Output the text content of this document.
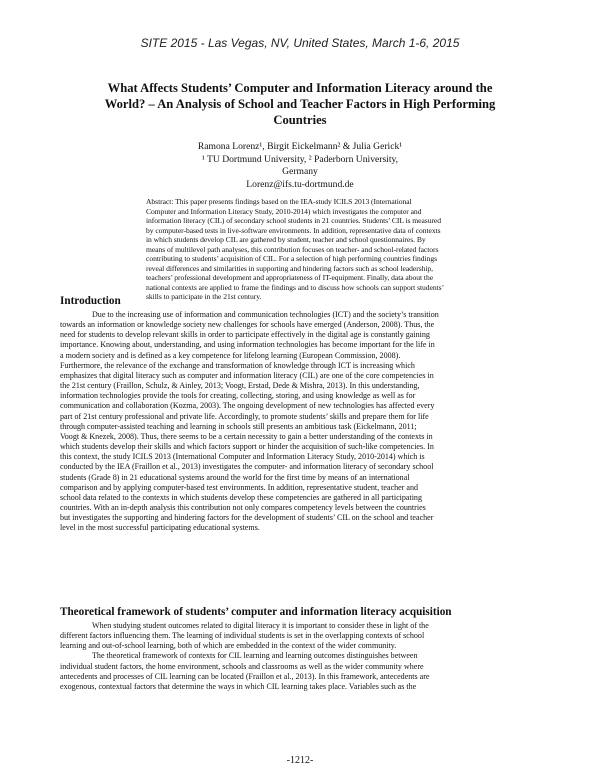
SITE 2015 - Las Vegas, NV, United States, March 1-6, 2015
What Affects Students’ Computer and Information Literacy around the
World? – An Analysis of School and Teacher Factors in High Performing
Countries
Ramona Lorenz¹, Birgit Eickelmann² & Julia Gerick¹
¹ TU Dortmund University, ² Paderborn University,
Germany
Lorenz@ifs.tu-dortmund.de
Abstract: This paper presents findings based on the IEA-study ICILS 2013 (International
Computer and Information Literacy Study, 2010-2014) which investigates the computer and
information literacy (CIL) of secondary school students in 21 countries. Students’ CIL is measured
by computer-based tests in live-software environments. In addition, representative data of contexts
in which students develop CIL are gathered by student, teacher and school questionnaires. By
means of multilevel path analyses, this contribution focuses on teacher- and school-related factors
contributing to students’ acquisition of CIL. For a selection of high performing countries findings
reveal differences and similarities in supporting and hindering factors such as school leadership,
teachers’ professional development and appropriateness of IT-equipment. Finally, data about the
national contexts are applied to frame the findings and to discuss how schools can support students’
skills to participate in the 21st century.
Introduction
Due to the increasing use of information and communication technologies (ICT) and the society’s transition
towards an information or knowledge society new challenges for schools have emerged (Anderson, 2008). Thus, the
need for students to develop relevant skills in order to participate effectively in the digital age is constantly gaining
importance. Knowing about, understanding, and using information technologies has become important for the life in
a modern society and is defined as a key competence for lifelong learning (European Commission, 2008).
Furthermore, the relevance of the exchange and transformation of knowledge through ICT is increasing which
emphasizes that digital literacy such as computer and information literacy (CIL) are one of the core competencies in
the 21st century (Fraillon, Schulz, & Ainley, 2013; Voogt, Erstad, Dede & Mishra, 2013). In this understanding,
information technologies provide the tools for creating, collecting, storing, and using knowledge as well as for
communication and collaboration (Kozma, 2003). The ongoing development of new technologies has affected every
part of 21st century professional and private life. Accordingly, to promote students’ skills and prepare them for life
through computer-assisted teaching and learning in schools still presents an ambitious task (Eickelmann, 2011;
Voogt & Knezek, 2008). Thus, there seems to be a certain necessity to gain a better understanding of the contexts in
which students develop their skills and which factors support or hinder the acquisition of such-like competencies. In
this context, the study ICILS 2013 (International Computer and Information Literacy Study, 2010-2014) which is
conducted by the IEA (Fraillon et al., 2013) investigates the computer- and information literacy of secondary school
students (Grade 8) in 21 educational systems around the world for the first time by means of an international
comparison and by applying computer-based test environments. In addition, representative student, teacher and
school data related to the contexts in which students develop these competencies are gathered in all participating
countries. With an in-depth analysis this contribution not only compares competency levels between the countries
but investigates the supporting and hindering factors for the development of students’ CIL on the school and teacher
level in the most successful participating educational systems.
Theoretical framework of students’ computer and information literacy acquisition
When studying student outcomes related to digital literacy it is important to consider these in light of the
different factors influencing them. The learning of individual students is set in the overlapping contexts of school
learning and out-of-school learning, both of which are embedded in the context of the wider community.
The theoretical framework of contexts for CIL learning and learning outcomes distinguishes between
individual student factors, the home environment, schools and classrooms as well as the wider community where
antecedents and processes of CIL learning can be located (Fraillon et al., 2013). In this framework, antecedents are
exogenous, contextual factors that determine the ways in which CIL learning takes place. Variables such as the
-1212-
